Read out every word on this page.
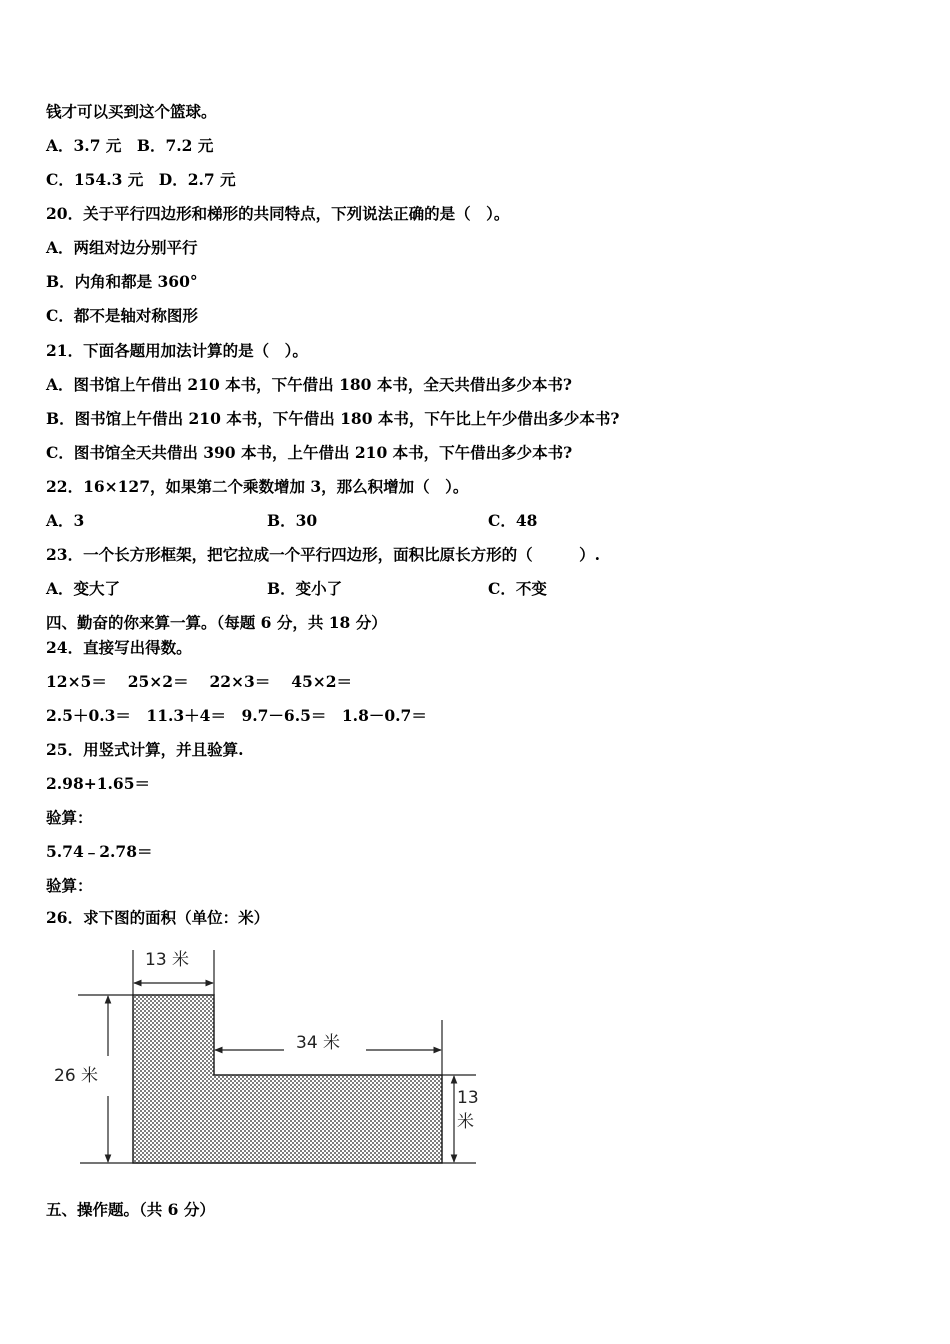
钱才可以买到这个篮球。
A．3.7 元　B．7.2 元
C．154.3 元　D．2.7 元
20．关于平行四边形和梯形的共同特点，下列说法正确的是（　）。
A．两组对边分别平行
B．内角和都是 360°
C．都不是轴对称图形
21．下面各题用加法计算的是（　）。
A．图书馆上午借出 210 本书，下午借出 180 本书，全天共借出多少本书?
B．图书馆上午借出 210 本书，下午借出 180 本书，下午比上午少借出多少本书?
C．图书馆全天共借出 390 本书，上午借出 210 本书，下午借出多少本书?
22．16×127，如果第二个乘数增加 3，那么积增加（　）。
A．3	B．30	C．48
23．一个长方形框架，把它拉成一个平行四边形，面积比原长方形的（　　　）.
A．变大了	B．变小了	C．不变
四、勤奋的你来算一算。（每题 6 分，共 18 分）
24．直接写出得数。
12×5＝　 25×2＝　 22×3＝　 45×2＝
2.5＋0.3＝　11.3＋4＝　9.7－6.5＝　1.8－0.7＝
25．用竖式计算，并且验算.
2.98+1.65＝
验算：
5.74﹣2.78＝
验算：
26．求下图的面积（单位：米）
13 米
34 米
26 米
13
米
五、操作题。（共 6 分）
